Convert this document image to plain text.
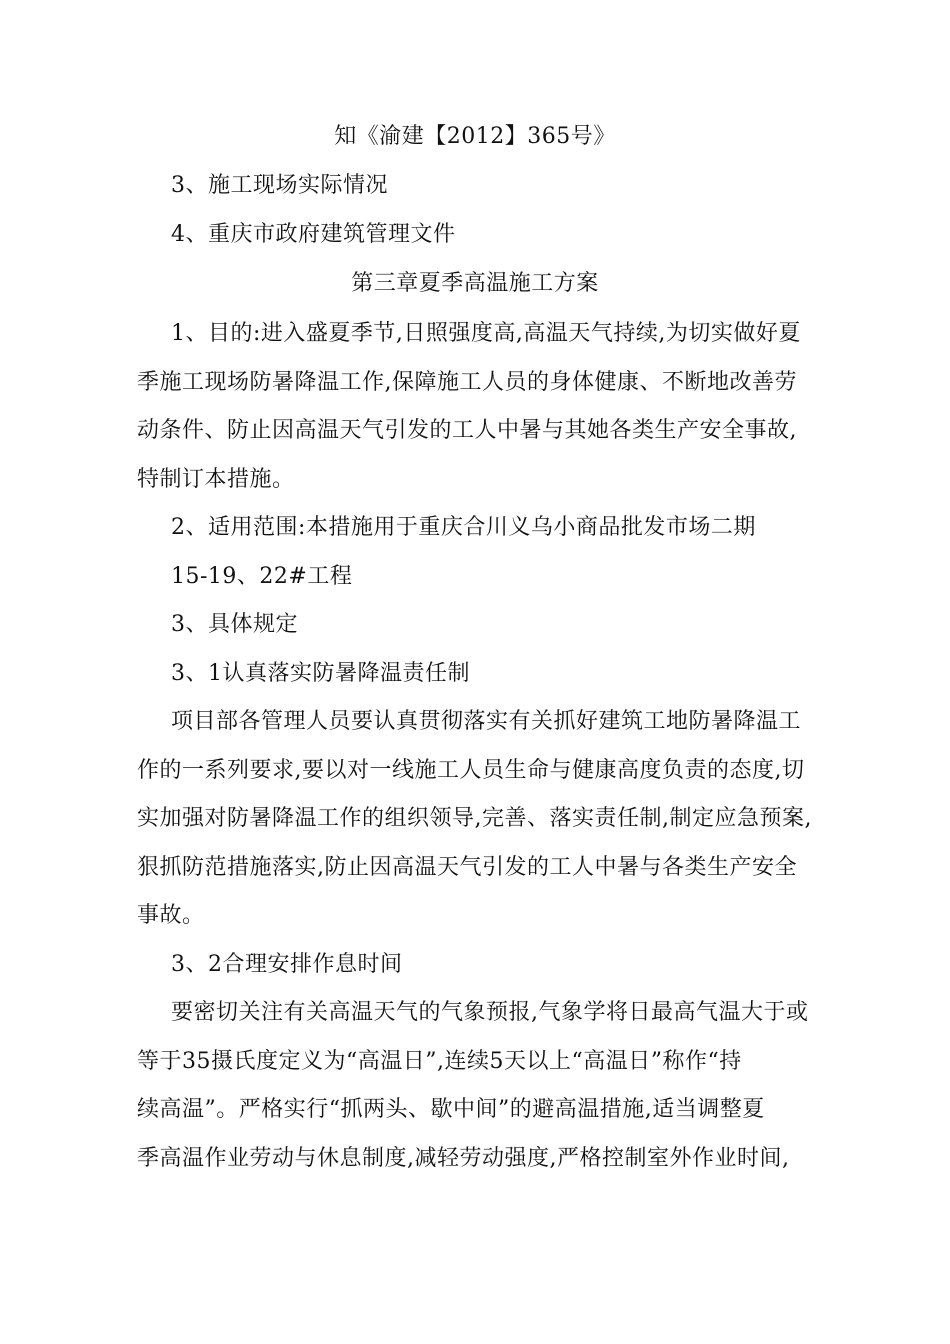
知《渝建【2012】365号》
3、施工现场实际情况
4、重庆市政府建筑管理文件
第三章夏季高温施工方案
1、目的:进入盛夏季节,日照强度高,高温天气持续,为切实做好夏
季施工现场防暑降温工作,保障施工人员的身体健康、不断地改善劳
动条件、防止因高温天气引发的工人中暑与其她各类生产安全事故,
特制订本措施。
2、适用范围:本措施用于重庆合川义乌小商品批发市场二期
15-19、22#工程
3、具体规定
3、1认真落实防暑降温责任制
项目部各管理人员要认真贯彻落实有关抓好建筑工地防暑降温工
作的一系列要求,要以对一线施工人员生命与健康高度负责的态度,切
实加强对防暑降温工作的组织领导,完善、落实责任制,制定应急预案,
狠抓防范措施落实,防止因高温天气引发的工人中暑与各类生产安全
事故。
3、2合理安排作息时间
要密切关注有关高温天气的气象预报,气象学将日最高气温大于或
等于35摄氏度定义为“高温日”,连续5天以上“高温日”称作“持
续高温”。严格实行“抓两头、歇中间”的避高温措施,适当调整夏
季高温作业劳动与休息制度,减轻劳动强度,严格控制室外作业时间,
